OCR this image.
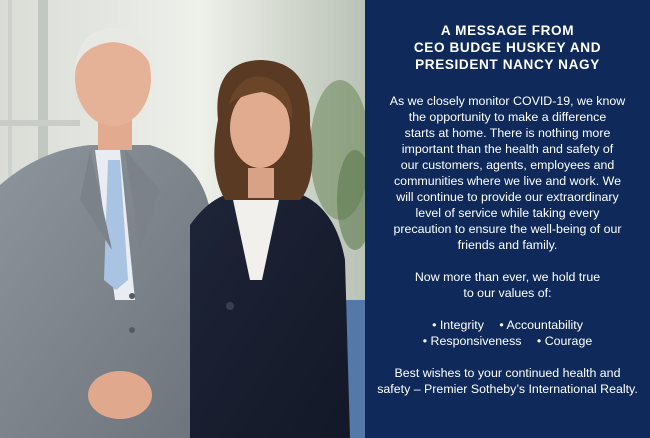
A MESSAGE FROM
CEO BUDGE HUSKEY AND
PRESIDENT NANCY NAGY
As we closely monitor COVID-19, we know
the opportunity to make a difference
starts at home. There is nothing more
important than the health and safety of
our customers, agents, employees and
communities where we live and work. We
will continue to provide our extraordinary
level of service while taking every
precaution to ensure the well-being of our
friends and family.
Now more than ever, we hold true
to our values of:
• Integrity • Accountability
• Responsiveness • Courage
Best wishes to your continued health and
safety – Premier Sotheby’s International Realty.
